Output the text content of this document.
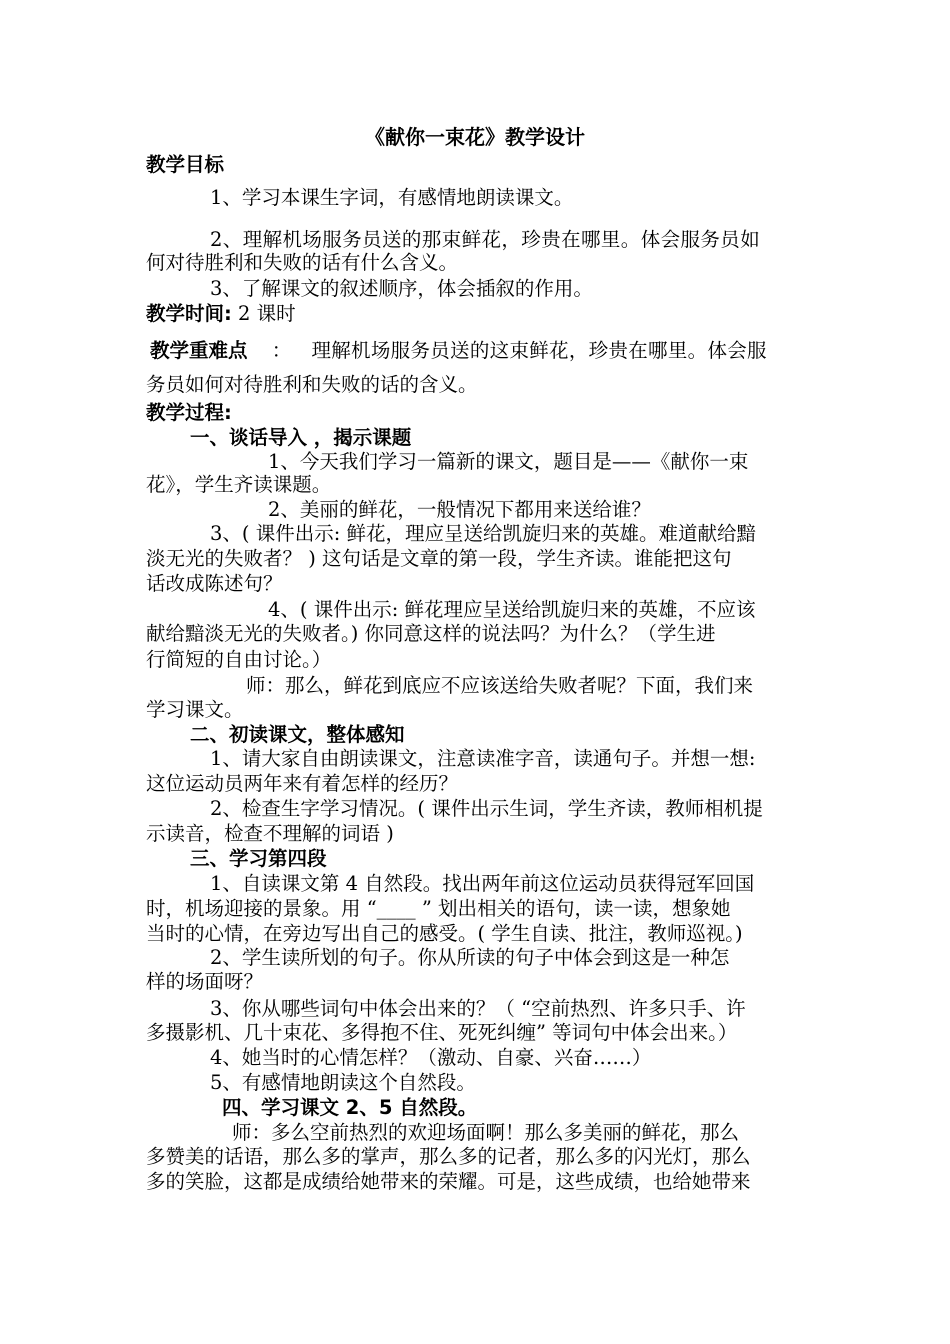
《献你一束花》教学设计
教学目标
1、学习本课生字词，有感情地朗读课文。
2、理解机场服务员送的那束鲜花，珍贵在哪里。体会服务员如
何对待胜利和失败的话有什么含义。
3、了解课文的叙述顺序，体会插叙的作用。
教学时间: 2 课时
教学重难点 ： 理解机场服务员送的这束鲜花，珍贵在哪里。体会服
务员如何对待胜利和失败的话的含义。
教学过程:
一、谈话导入 ，揭示课题
1、今天我们学习一篇新的课文，题目是——《献你一束
花》，学生齐读课题。
2、美丽的鲜花，一般情况下都用来送给谁？
3、( 课件出示: 鲜花，理应呈送给凯旋归来的英雄。难道献给黯
淡无光的失败者？ ) 这句话是文章的第一段，学生齐读。谁能把这句
话改成陈述句？
4、( 课件出示: 鲜花理应呈送给凯旋归来的英雄，不应该
献给黯淡无光的失败者。) 你同意这样的说法吗？为什么？（学生进
行简短的自由讨论。）
师：那么，鲜花到底应不应该送给失败者呢？下面，我们来
学习课文。
二、初读课文，整体感知
1、请大家自由朗读课文，注意读准字音，读通句子。并想一想:
这位运动员两年来有着怎样的经历？
2、检查生字学习情况。( 课件出示生词，学生齐读，教师相机提
示读音，检查不理解的词语 )
三、学习第四段
1、自读课文第 4 自然段。找出两年前这位运动员获得冠军回国
时，机场迎接的景象。用 “____ ” 划出相关的语句，读一读，想象她
当时的心情，在旁边写出自己的感受。( 学生自读、批注，教师巡视。)
2、学生读所划的句子。你从所读的句子中体会到这是一种怎
样的场面呀？
3、你从哪些词句中体会出来的？（ “空前热烈、许多只手、许
多摄影机、几十束花、多得抱不住、死死纠缠” 等词句中体会出来。）
4、她当时的心情怎样？（激动、自豪、兴奋……）
5、有感情地朗读这个自然段。
四、学习课文 2、5 自然段。
师：多么空前热烈的欢迎场面啊！那么多美丽的鲜花，那么
多赞美的话语，那么多的掌声，那么多的记者，那么多的闪光灯，那么
多的笑脸，这都是成绩给她带来的荣耀。可是，这些成绩，也给她带来
